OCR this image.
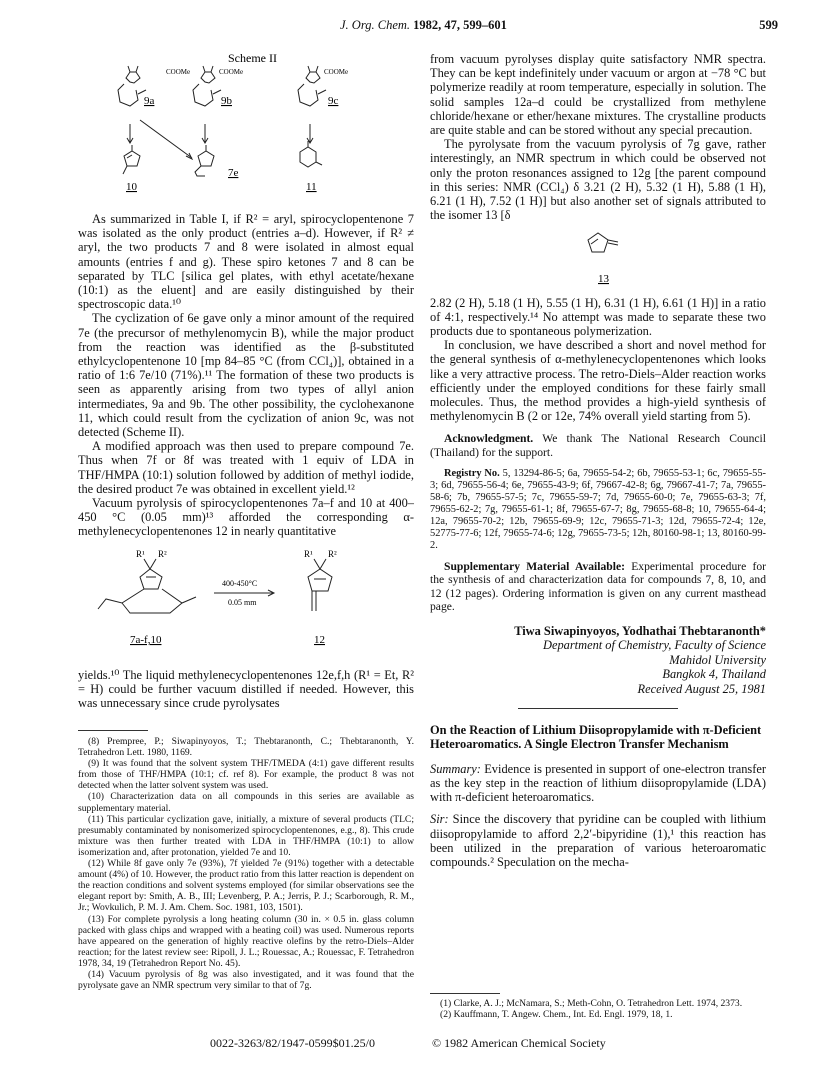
J. Org. Chem. 1982, 47, 599–601	599
Scheme II
COOMe	COOMe	COOMe
9a	9b	9c
10
7e
11

As summarized in Table I, if R² = aryl, spirocyclopentenone 7 was isolated as the only product (entries a–d). However, if R² ≠ aryl, the two products 7 and 8 were isolated in almost equal amounts (entries f and g). These spiro ketones 7 and 8 can be separated by TLC [silica gel plates, with ethyl acetate/hexane (10:1) as the eluent] and are easily distinguished by their spectroscopic data.¹⁰

The cyclization of 6e gave only a minor amount of the required 7e (the precursor of methylenomycin B), while the major product from the reaction was identified as the β-substituted ethylcyclopentenone 10 [mp 84–85 °C (from CCl₄)], obtained in a ratio of 1:6 7e/10 (71%).¹¹ The formation of these two products is seen as apparently arising from two types of allyl anion intermediates, 9a and 9b. The other possibility, the cyclohexanone 11, which could result from the cyclization of anion 9c, was not detected (Scheme II).

A modified approach was then used to prepare compound 7e. Thus when 7f or 8f was treated with 1 equiv of LDA in THF/HMPA (10:1) solution followed by addition of methyl iodide, the desired product 7e was obtained in excellent yield.¹²

Vacuum pyrolysis of spirocyclopentenones 7a–f and 10 at 400–450 °C (0.05 mm)¹³ afforded the corresponding α-methylenecyclopentenones 12 in nearly quantitative

R¹ R²	R¹ R²
400-450°C
0.05 mm
7a-f,10	12

yields.¹⁰ The liquid methylenecyclopentenones 12e,f,h (R¹ = Et, R² = H) could be further vacuum distilled if needed. However, this was unnecessary since crude pyrolysates

(8) Prempree, P.; Siwapinyoyos, T.; Thebtaranonth, C.; Thebtaranonth, Y. Tetrahedron Lett. 1980, 1169.

(9) It was found that the solvent system THF/TMEDA (4:1) gave different results from those of THF/HMPA (10:1; cf. ref 8). For example, the product 8 was not detected when the latter solvent system was used.

(10) Characterization data on all compounds in this series are available as supplementary material.

(11) This particular cyclization gave, initially, a mixture of several products (TLC; presumably contaminated by nonisomerized spirocyclopentenones, e.g., 8). This crude mixture was then further treated with LDA in THF/HMPA (10:1) to allow isomerization and, after protonation, yielded 7e and 10.

(12) While 8f gave only 7e (93%), 7f yielded 7e (91%) together with a detectable amount (4%) of 10. However, the product ratio from this latter reaction is dependent on the reaction conditions and solvent systems employed (for similar observations see the elegant report by: Smith, A. B., III; Levenberg, P. A.; Jerris, P. J.; Scarborough, R. M., Jr.; Wovkulich, P. M. J. Am. Chem. Soc. 1981, 103, 1501).

(13) For complete pyrolysis a long heating column (30 in. × 0.5 in. glass column packed with glass chips and wrapped with a heating coil) was used. Numerous reports have appeared on the generation of highly reactive olefins by the retro-Diels–Alder reaction; for the latest review see: Ripoll, J. L.; Rouessac, A.; Rouessac, F. Tetrahedron 1978, 34, 19 (Tetrahedron Report No. 45).

(14) Vacuum pyrolysis of 8g was also investigated, and it was found that the pyrolysate gave an NMR spectrum very similar to that of 7g.

from vacuum pyrolyses display quite satisfactory NMR spectra. They can be kept indefinitely under vacuum or argon at −78 °C but polymerize readily at room temperature, especially in solution. The solid samples 12a–d could be crystallized from methylene chloride/hexane or ether/hexane mixtures. The crystalline products are quite stable and can be stored without any special precaution.

The pyrolysate from the vacuum pyrolysis of 7g gave, rather interestingly, an NMR spectrum in which could be observed not only the proton resonances assigned to 12g [the parent compound in this series: NMR (CCl₄) δ 3.21 (2 H), 5.32 (1 H), 5.88 (1 H), 6.21 (1 H), 7.52 (1 H)] but also another set of signals attributed to the isomer 13 [δ

13

2.82 (2 H), 5.18 (1 H), 5.55 (1 H), 6.31 (1 H), 6.61 (1 H)] in a ratio of 4:1, respectively.¹⁴ No attempt was made to separate these two products due to spontaneous polymerization.

In conclusion, we have described a short and novel method for the general synthesis of α-methylenecyclopentenones which looks like a very attractive process. The retro-Diels–Alder reaction works efficiently under the employed conditions for these fairly small molecules. Thus, the method provides a high-yield synthesis of methylenomycin B (2 or 12e, 74% overall yield starting from 5).

Acknowledgment. We thank The National Research Council (Thailand) for the support.

Registry No. 5, 13294-86-5; 6a, 79655-54-2; 6b, 79655-53-1; 6c, 79655-55-3; 6d, 79655-56-4; 6e, 79655-43-9; 6f, 79667-42-8; 6g, 79667-41-7; 7a, 79655-58-6; 7b, 79655-57-5; 7c, 79655-59-7; 7d, 79655-60-0; 7e, 79655-63-3; 7f, 79655-62-2; 7g, 79655-61-1; 8f, 79655-67-7; 8g, 79655-68-8; 10, 79655-64-4; 12a, 79655-70-2; 12b, 79655-69-9; 12c, 79655-71-3; 12d, 79655-72-4; 12e, 52775-77-6; 12f, 79655-74-6; 12g, 79655-73-5; 12h, 80160-98-1; 13, 80160-99-2.

Supplementary Material Available: Experimental procedure for the synthesis of and characterization data for compounds 7, 8, 10, and 12 (12 pages). Ordering information is given on any current masthead page.

Tiwa Siwapinyoyos, Yodhathai Thebtaranonth*
Department of Chemistry, Faculty of Science
Mahidol University
Bangkok 4, Thailand
Received August 25, 1981
On the Reaction of Lithium Diisopropylamide with π-Deficient Heteroaromatics. A Single Electron Transfer Mechanism

Summary: Evidence is presented in support of one-electron transfer as the key step in the reaction of lithium diisopropylamide (LDA) with π-deficient heteroaromatics.

Sir: Since the discovery that pyridine can be coupled with lithium diisopropylamide to afford 2,2′-bipyridine (1),¹ this reaction has been utilized in the preparation of various heteroaromatic compounds.² Speculation on the mecha-

(1) Clarke, A. J.; McNamara, S.; Meth-Cohn, O. Tetrahedron Lett. 1974, 2373.

(2) Kauffmann, T. Angew. Chem., Int. Ed. Engl. 1979, 18, 1.

0022-3263/82/1947-0599$01.25/0	© 1982 American Chemical Society
